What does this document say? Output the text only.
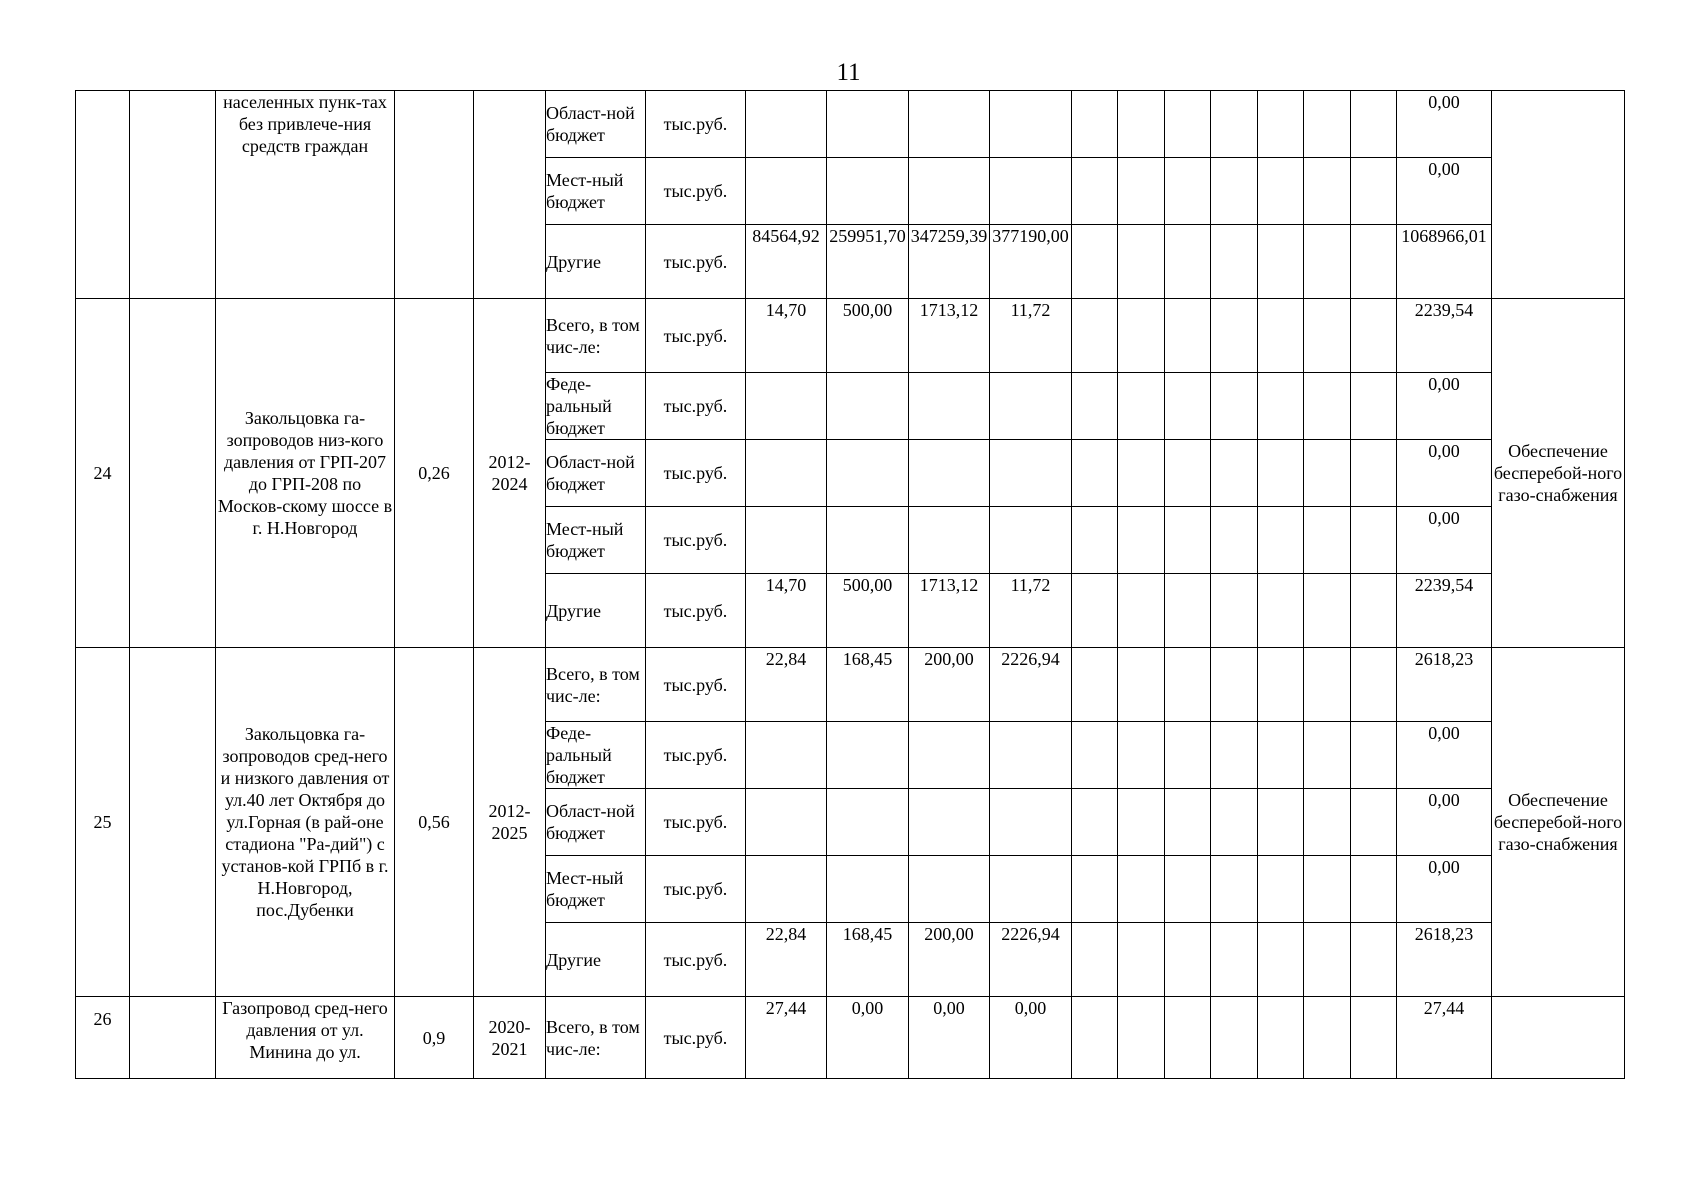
11
		населенных пунк-тах без привлече-ния средств граждан			Област-ной бюджет	тыс.руб.												0,00	
					Мест-ный бюджет	тыс.руб.												0,00	
					Другие	тыс.руб.	84564,92	259951,70	347259,39	377190,00								1068966,01	
24		Закольцовка га-зопроводов низ-кого давления от ГРП-207 до ГРП-208 по Москов-скому шоссе в г. Н.Новгород	0,26	2012-2024	Всего, в том чис-ле:	тыс.руб.	14,70	500,00	1713,12	11,72								2239,54	Обеспечение бесперебой-ного газо-снабжения
					Феде-ральный бюджет	тыс.руб.												0,00	
					Област-ной бюджет	тыс.руб.												0,00	
					Мест-ный бюджет	тыс.руб.												0,00	
					Другие	тыс.руб.	14,70	500,00	1713,12	11,72								2239,54	
25		Закольцовка га-зопроводов сред-него и низкого давления от ул.40 лет Октября до ул.Горная (в рай-оне стадиона "Ра-дий") с установ-кой ГРПб в г. Н.Новгород, пос.Дубенки	0,56	2012-2025	Всего, в том чис-ле:	тыс.руб.	22,84	168,45	200,00	2226,94								2618,23	Обеспечение бесперебой-ного газо-снабжения
					Феде-ральный бюджет	тыс.руб.												0,00	
					Област-ной бюджет	тыс.руб.												0,00	
					Мест-ный бюджет	тыс.руб.												0,00	
					Другие	тыс.руб.	22,84	168,45	200,00	2226,94								2618,23	
26		Газопровод сред-него давления от ул. Минина до ул.	0,9	2020-2021	Всего, в том чис-ле:	тыс.руб.	27,44	0,00	0,00	0,00								27,44	
